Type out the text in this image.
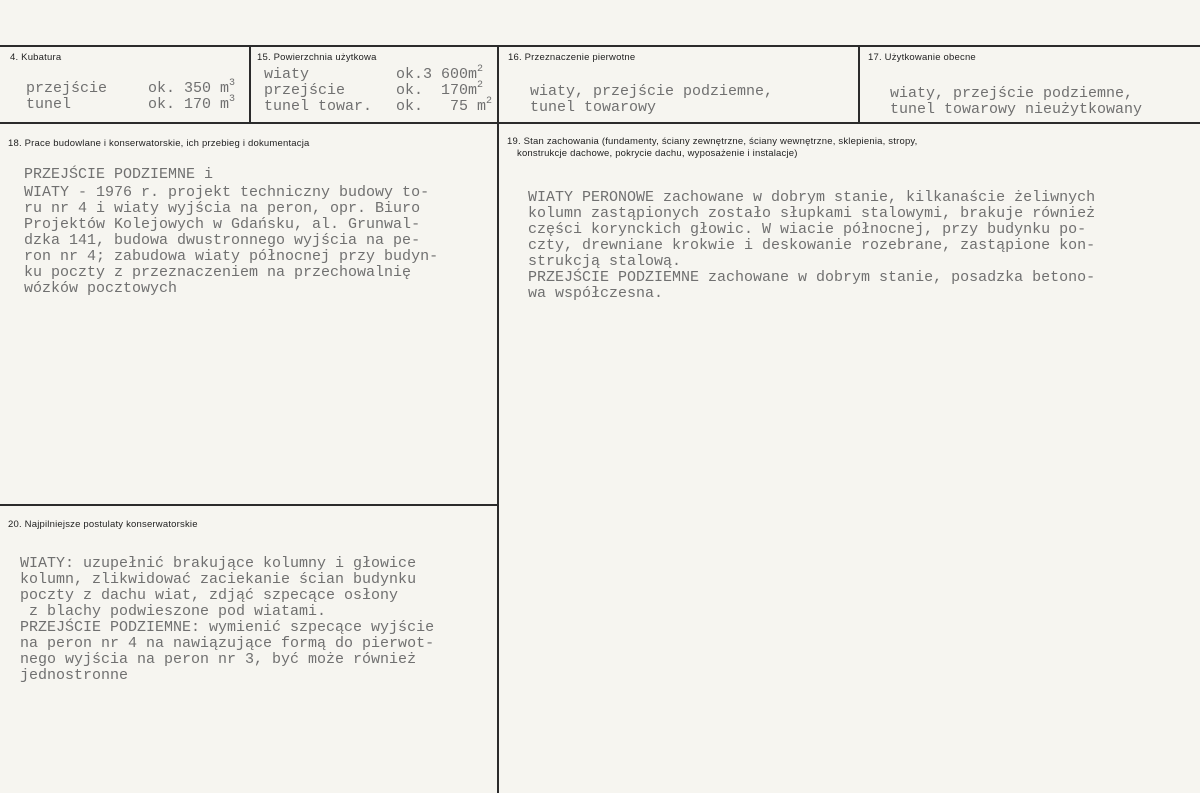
4. Kubatura
przejście	ok. 350 $m^3$
tunel	ok. 170 $m^3$
15. Powierzchnia użytkowa
wiaty	ok.3 $600m^2$
przejście	ok.  $170m^2$
tunel towar. ok.   75 $m^2$
16. Przeznaczenie pierwotne

wiaty, przejście podziemne,
tunel towarowy
17. Użytkowanie obecne

wiaty, przejście podziemne,
tunel towarowy nieużytkowany
18. Prace budowlane i konserwatorskie, ich przebieg i dokumentacja

PRZEJŚCIE PODZIEMNE i
WIATY - 1976 r. projekt techniczny budowy to-
ru nr 4 i wiaty wyjścia na peron, opr. Biuro
Projektów Kolejowych w Gdańsku, al. Grunwal-
dzka 141, budowa dwustronnego wyjścia na pe-
ron nr 4; zabudowa wiaty północnej przy budyn-
ku poczty z przeznaczeniem na przechowalnię
wózków pocztowych
19. Stan zachowania (fundamenty, ściany zewnętrzne, ściany wewnętrzne, sklepienia, stropy,
konstrukcje dachowe, pokrycie dachu, wyposażenie i instalacje)

WIATY PERONOWE zachowane w dobrym stanie, kilkanaście żeliwnych
kolumn zastąpionych zostało słupkami stalowymi, brakuje również
części korynckich głowic. W wiacie północnej, przy budynku po-
czty, drewniane krokwie i deskowanie rozebrane, zastąpione kon-
strukcją stalową.
PRZEJŚCIE PODZIEMNE zachowane w dobrym stanie, posadzka betono-
wa współczesna.
20. Najpilniejsze postulaty konserwatorskie

WIATY: uzupełnić brakujące kolumny i głowice
kolumn, zlikwidować zaciekanie ścian budynku
poczty z dachu wiat, zdjąć szpecące osłony
z blachy podwieszone pod wiatami.
PRZEJŚCIE PODZIEMNE: wymienić szpecące wyjście
na peron nr 4 na nawiązujące formą do pierwot-
nego wyjścia na peron nr 3, być może również
jednostronne
